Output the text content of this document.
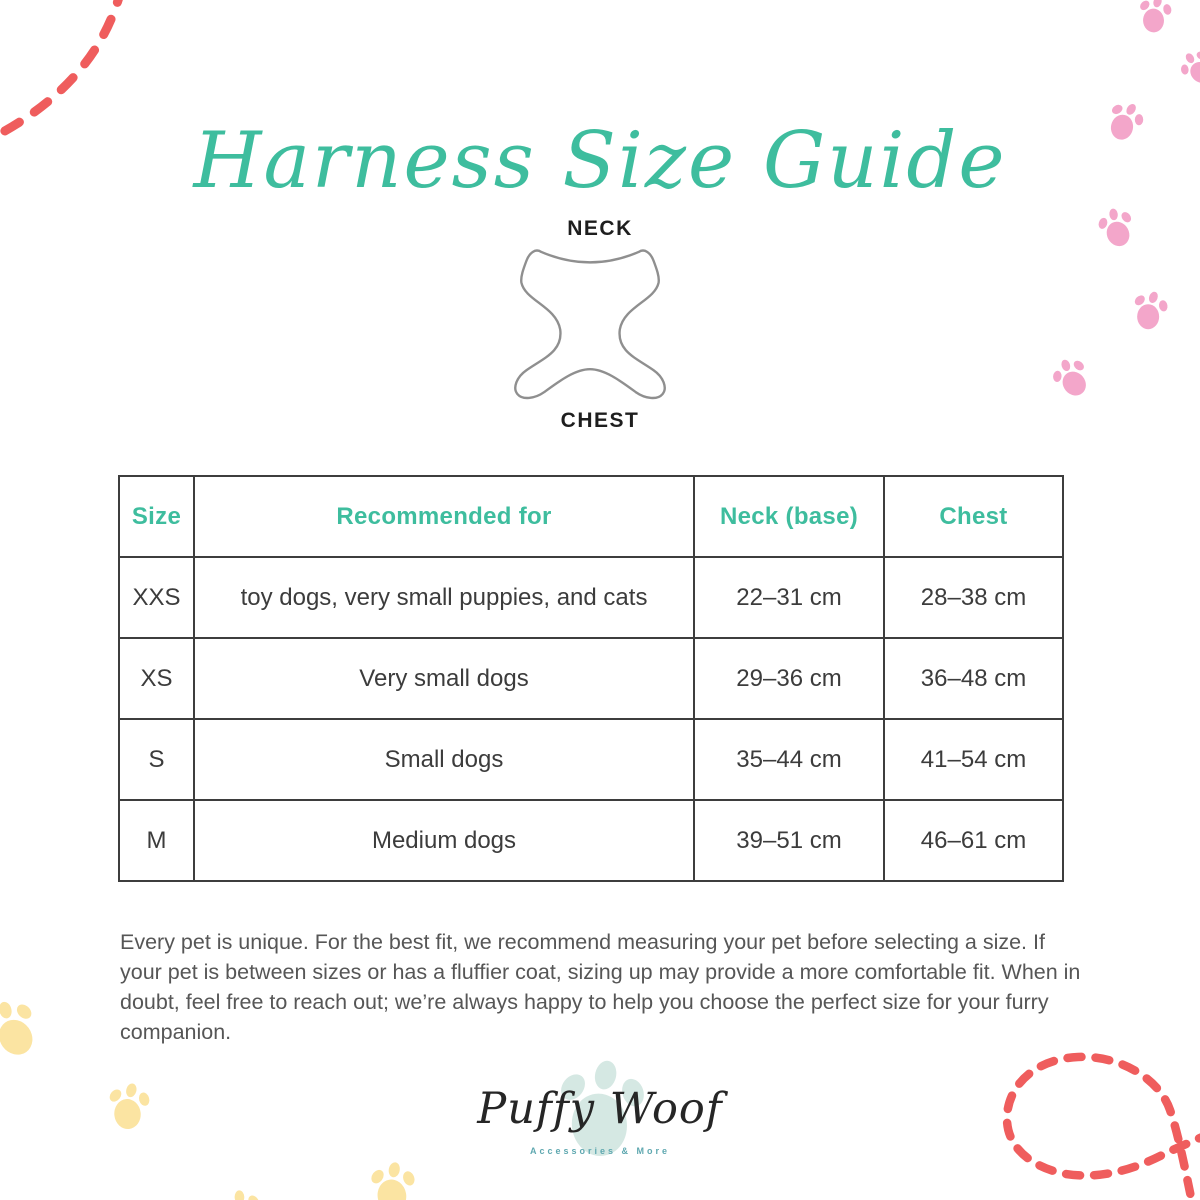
Harness Size Guide
NECK
CHEST
Size	Recommended for	Neck (base)	Chest
XXS	toy dogs, very small puppies, and cats	22–31 cm	28–38 cm
XS	Very small dogs	29–36 cm	36–48 cm
S	Small dogs	35–44 cm	41–54 cm
M	Medium dogs	39–51 cm	46–61 cm

Every pet is unique. For the best fit, we recommend measuring your pet before selecting a size. If your pet is between sizes or has a fluffier coat, sizing up may provide a more comfortable fit. When in doubt, feel free to reach out; we’re always happy to help you choose the perfect size for your furry companion.

Puffy Woof
Accessories & More
